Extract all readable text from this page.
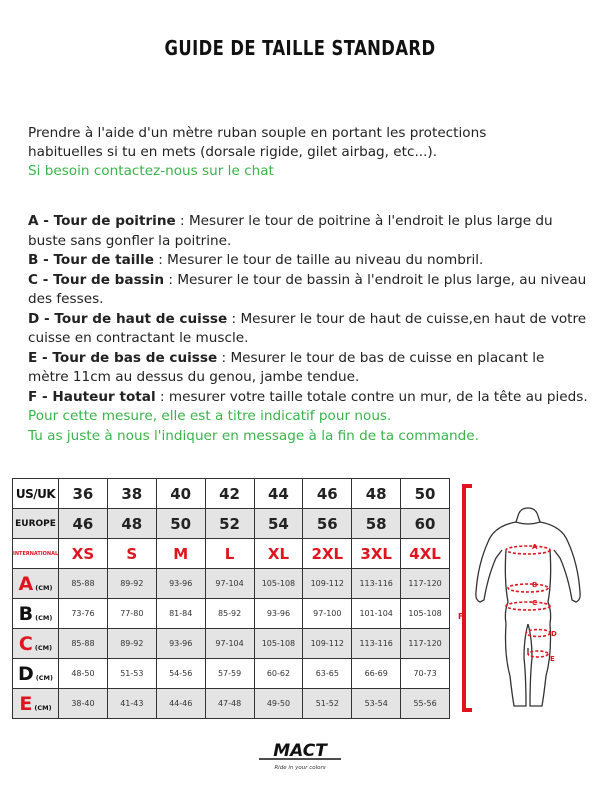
GUIDE DE TAILLE STANDARD
Prendre à l'aide d'un mètre ruban souple en portant les protections
habituelles si tu en mets (dorsale rigide, gilet airbag, etc...).
Si besoin contactez-nous sur le chat

A - Tour de poitrine : Mesurer le tour de poitrine à l'endroit le plus large du buste sans gonfler la poitrine.

B - Tour de taille : Mesurer le tour de taille au niveau du nombril.

C - Tour de bassin : Mesurer le tour de bassin à l'endroit le plus large, au niveau des fesses.

D - Tour de haut de cuisse : Mesurer le tour de haut de cuisse,en haut de votre cuisse en contractant le muscle.

E - Tour de bas de cuisse : Mesurer le tour de bas de cuisse en placant le mètre 11cm au dessus du genou, jambe tendue.

F - Hauteur total : mesurer votre taille totale contre un mur, de la tête au pieds. Pour cette mesure, elle est a titre indicatif pour nous.

Tu as juste à nous l'indiquer en message à la fin de ta commande.

US/UK	36	38	40	42	44	46	48	50
EUROPE	46	48	50	52	54	56	58	60
INTERNATIONAL	XS	S	M	L	XL	2XL	3XL	4XL

A (CM)	85-88	89-92	93-96	97-104	105-108	109-112	113-116	117-120

B (CM)	73-76	77-80	81-84	85-92	93-96	97-100	101-104	105-108

C (CM)	85-88	89-92	93-96	97-104	105-108	109-112	113-116	117-120

D (CM)	48-50	51-53	54-56	57-59	60-62	63-65	66-69	70-73

E (CM)	38-40	41-43	44-46	47-48	49-50	51-52	53-54	55-56
F
A
B
C
D
E
MACT
Ride in your colors
